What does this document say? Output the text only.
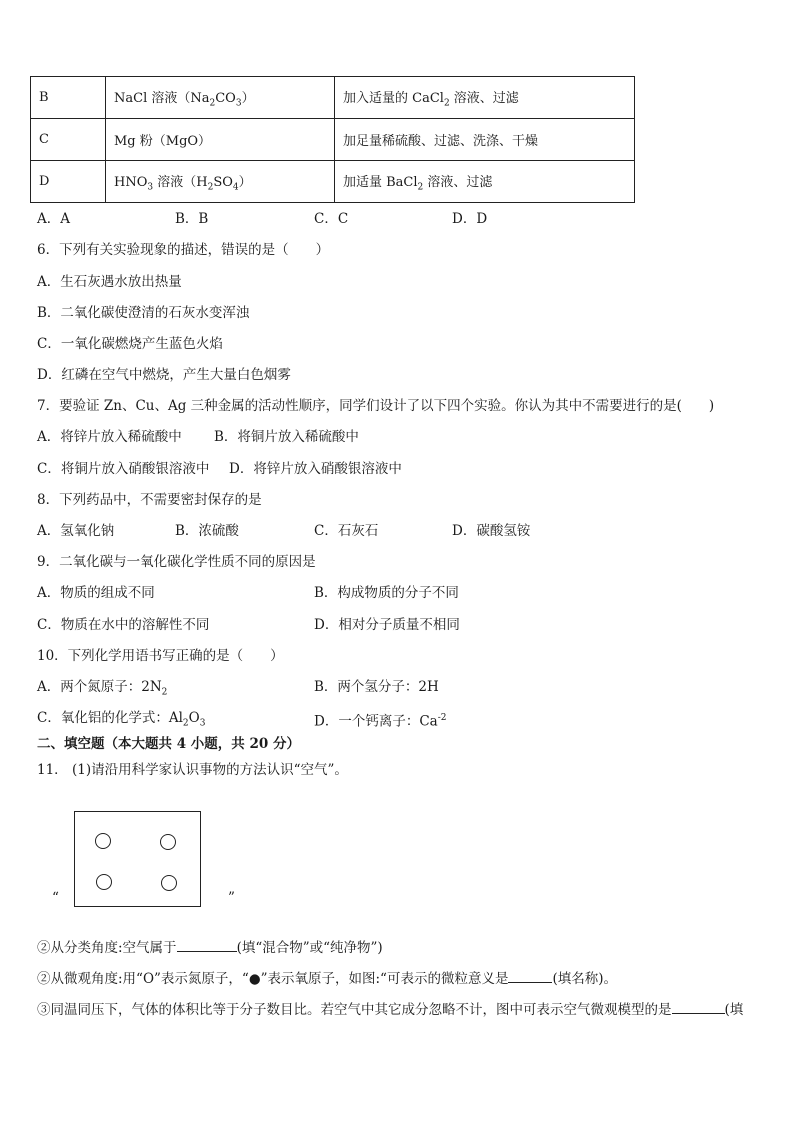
B	NaCl 溶液$(Na_2CO_3)$	加入适量的 CaCl$_2$ 溶液、过滤
C	Mg 粉（MgO）	加足量稀硫酸、过滤、洗涤、干燥
D	$HNO_3$ 溶液$(H_2SO_4)$	加适量 BaCl$_2$ 溶液、过滤
A．A	B．B	C．C	D．D
6．下列有关实验现象的描述，错误的是（　　）
A．生石灰遇水放出热量
B．二氧化碳使澄清的石灰水变浑浊
C．一氧化碳燃烧产生蓝色火焰
D．红磷在空气中燃烧，产生大量白色烟雾
7．要验证 Zn、Cu、Ag 三种金属的活动性顺序，同学们设计了以下四个实验。你认为其中不需要进行的是(　　)
A．将锌片放入稀硫酸中 B．将铜片放入稀硫酸中
C．将铜片放入硝酸银溶液中 D．将锌片放入硝酸银溶液中
8．下列药品中，不需要密封保存的是
A．氢氧化钠	B．浓硫酸	C．石灰石	D．碳酸氢铵
9．二氧化碳与一氧化碳化学性质不同的原因是
A．物质的组成不同	B．构成物质的分子不同
C．物质在水中的溶解性不同	D．相对分子质量不相同
10．下列化学用语书写正确的是（　　）
A．两个氮原子：$2N_2$	B．两个氢分子：2H
C．氧化铝的化学式：$Al_2O_3$	D．一个钙离子：$Ca^{-2}$
二、填空题（本大题共 4 小题，共 20 分）
11． (1)请沿用科学家认识事物的方法认识“空气”。
“	”
②从分类角度:空气属于	(填“混合物”或“纯净物”)
②从微观角度:用“O”表示氮原子，“●”表示氧原子，如图:“可表示的微粒意义是	(填名称)。
③同温同压下，气体的体积比等于分子数目比。若空气中其它成分忽略不计，图中可表示空气微观模型的是	(填
